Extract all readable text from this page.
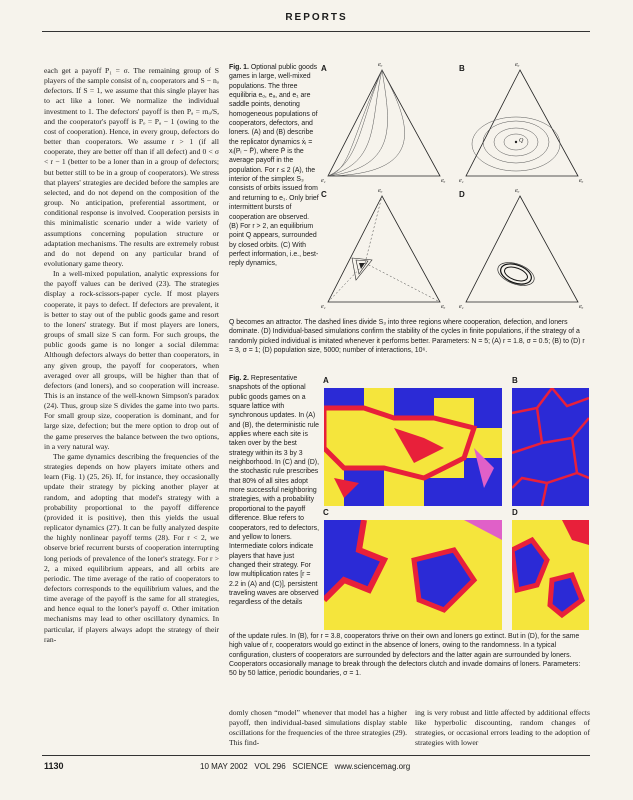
REPORTS

each get a payoff P₁ = σ. The remaining group of S players of the sample consist of nₒ cooperators and S − nₒ defectors. If S = 1, we assume that this single player has to act like a loner. We normalize the individual investment to 1. The defectors' payoff is then Pₐ = rnₒ/S, and the cooperator's payoff is Pₒ = Pₐ − 1 (owing to the cost of cooperation). Hence, in every group, defectors do better than cooperators. We assume r > 1 (if all cooperate, they are better off than if all defect) and 0 < σ < r − 1 (better to be a loner than in a group of defectors; but better still to be in a group of cooperators). We stress that players' strategies are decided before the samples are selected, and do not depend on the composition of the group. No anticipation, preferential assortment, or conditional response is involved. Cooperation persists in this minimalistic scenario under a wide variety of assumptions concerning population structure or adaptation mechanisms. The results are extremely robust and do not depend on any particular brand of evolutionary game theory.

In a well-mixed population, analytic expressions for the payoff values can be derived (23). The strategies display a rock-scissors-paper cycle. If most players cooperate, it pays to defect. If defectors are prevalent, it is better to stay out of the public goods game and resort to the loners' strategy. But if most players are loners, groups of small size S can form. For such groups, the public goods game is no longer a social dilemma: Although defectors always do better than cooperators, in any given group, the payoff for cooperators, when averaged over all groups, will be higher than that of defectors (and loners), and so cooperation will increase. This is an instance of the well-known Simpson's paradox (24). Thus, group size S divides the game into two parts. For small group size, cooperation is dominant, and for large size, defection; but the mere option to drop out of the game preserves the balance between the two options, in a very natural way.

The game dynamics describing the frequencies of the strategies depends on how players imitate others and learn (Fig. 1) (25, 26). If, for instance, they occasionally update their strategy by picking another player at random, and adopting that model's strategy with a probability proportional to the payoff difference (provided it is positive), then this yields the usual replicator dynamics (27). It can be fully analyzed despite the highly nonlinear payoff terms (28). For r < 2, we observe brief recurrent bursts of cooperation interrupting long periods of prevalence of the loner's strategy. For r > 2, a mixed equilibrium appears, and all orbits are periodic. The time average of the ratio of cooperators to defectors corresponds to the equilibrium values, and the time average of the payoff is the same for all strategies, and hence equal to the loner's payoff σ. Other imitation mechanisms may lead to other oscillatory dynamics. In particular, if players always adopt the strategy of their ran-

Fig. 1. Optional public goods games in large, well-mixed populations. The three equilibria eₒ, eₐ, and e₁ are saddle points, denoting homogeneous populations of cooperators, defectors, and loners. (A) and (B) describe the replicator dynamics ẋᵢ = xᵢ(Pᵢ − P̄), where P̄ is the average payoff in the population. For r ≤ 2 (A), the interior of the simplex S₃ consists of orbits issued from and returning to e₁. Only brief intermittent bursts of cooperation are observed. (B) For r > 2, an equilibrium point Q appears, surrounded by closed orbits. (C) With perfect information, i.e., best-reply dynamics,

Q becomes an attractor. The dashed lines divide S₃ into three regions where cooperation, defection, and loners dominate. (D) Individual-based simulations confirm the stability of the cycles in finite populations, if the strategy of a randomly picked individual is imitated whenever it performs better. Parameters: N = 5; (A) r = 1.8, σ = 0.5; (B) to (D) r = 3, σ = 1; (D) population size, 5000; number of interactions, 10⁶.

A	B
C	D
eₒ
e₁	eₐ
eₒ
e₁	eₐ
Q
eₒ
e₁	eₐ
eₒ
e₁	eₐ

Fig. 2. Representative snapshots of the optional public goods games on a square lattice with synchronous updates. In (A) and (B), the deterministic rule applies where each site is taken over by the best strategy within its 3 by 3 neighborhood. In (C) and (D), the stochastic rule prescribes that 80% of all sites adopt more successful neighboring strategies, with a probability proportional to the payoff difference. Blue refers to cooperators, red to defectors, and yellow to loners. Intermediate colors indicate players that have just changed their strategy. For low multiplication rates [r = 2.2 in (A) and (C)], persistent traveling waves are observed regardless of the details

of the update rules. In (B), for r = 3.8, cooperators thrive on their own and loners go extinct. But in (D), for the same high value of r, cooperators would go extinct in the absence of loners, owing to the randomness. In a typical configuration, clusters of cooperators are surrounded by defectors and the latter again are surrounded by loners. Cooperators occasionally manage to break through the defectors clutch and invade domains of loners. Parameters: 50 by 50 lattice, periodic boundaries, σ = 1.

A	B
C	D

domly chosen “model” whenever that model has a higher payoff, then individual-based simulations display stable oscillations for the frequencies of the three strategies (29). This find-

ing is very robust and little affected by additional effects like hyperbolic discounting, random changes of strategies, or occasional errors leading to the adoption of strategies with lower

1130	10 MAY 2002   VOL 296   SCIENCE   www.sciencemag.org
